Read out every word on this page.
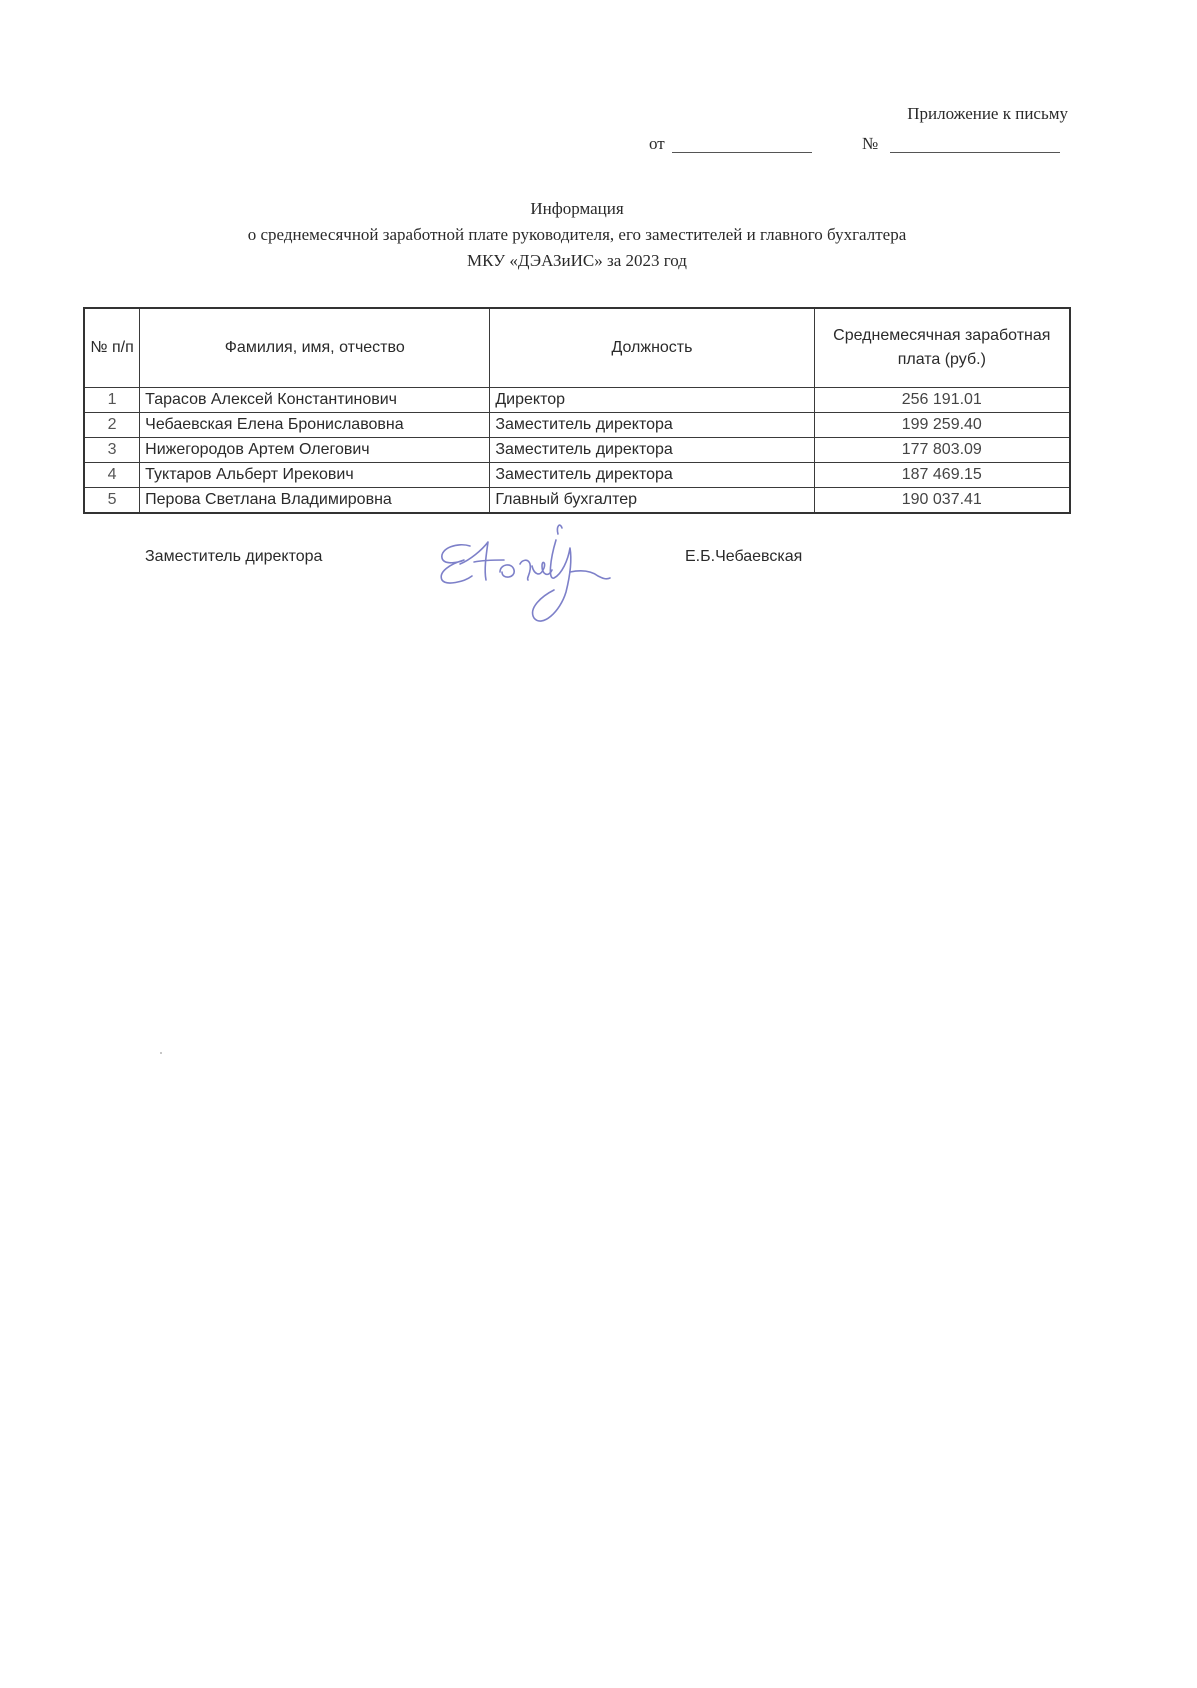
Приложение к письму
от	№
Информация
о среднемесячной заработной плате руководителя, его заместителей и главного бухгалтера
МКУ «ДЭАЗиИС» за 2023 год
№ п/п	Фамилия, имя, отчество	Должность	Среднемесячная заработная плата (руб.)
1	Тарасов Алексей Константинович	Директор	256 191.01
2	Чебаевская Елена Брониславовна	Заместитель директора	199 259.40
3	Нижегородов Артем Олегович	Заместитель директора	177 803.09
4	Туктаров Альберт Ирекович	Заместитель директора	187 469.15
5	Перова Светлана Владимировна	Главный бухгалтер	190 037.41
Заместитель директора	Е.Б.Чебаевская
